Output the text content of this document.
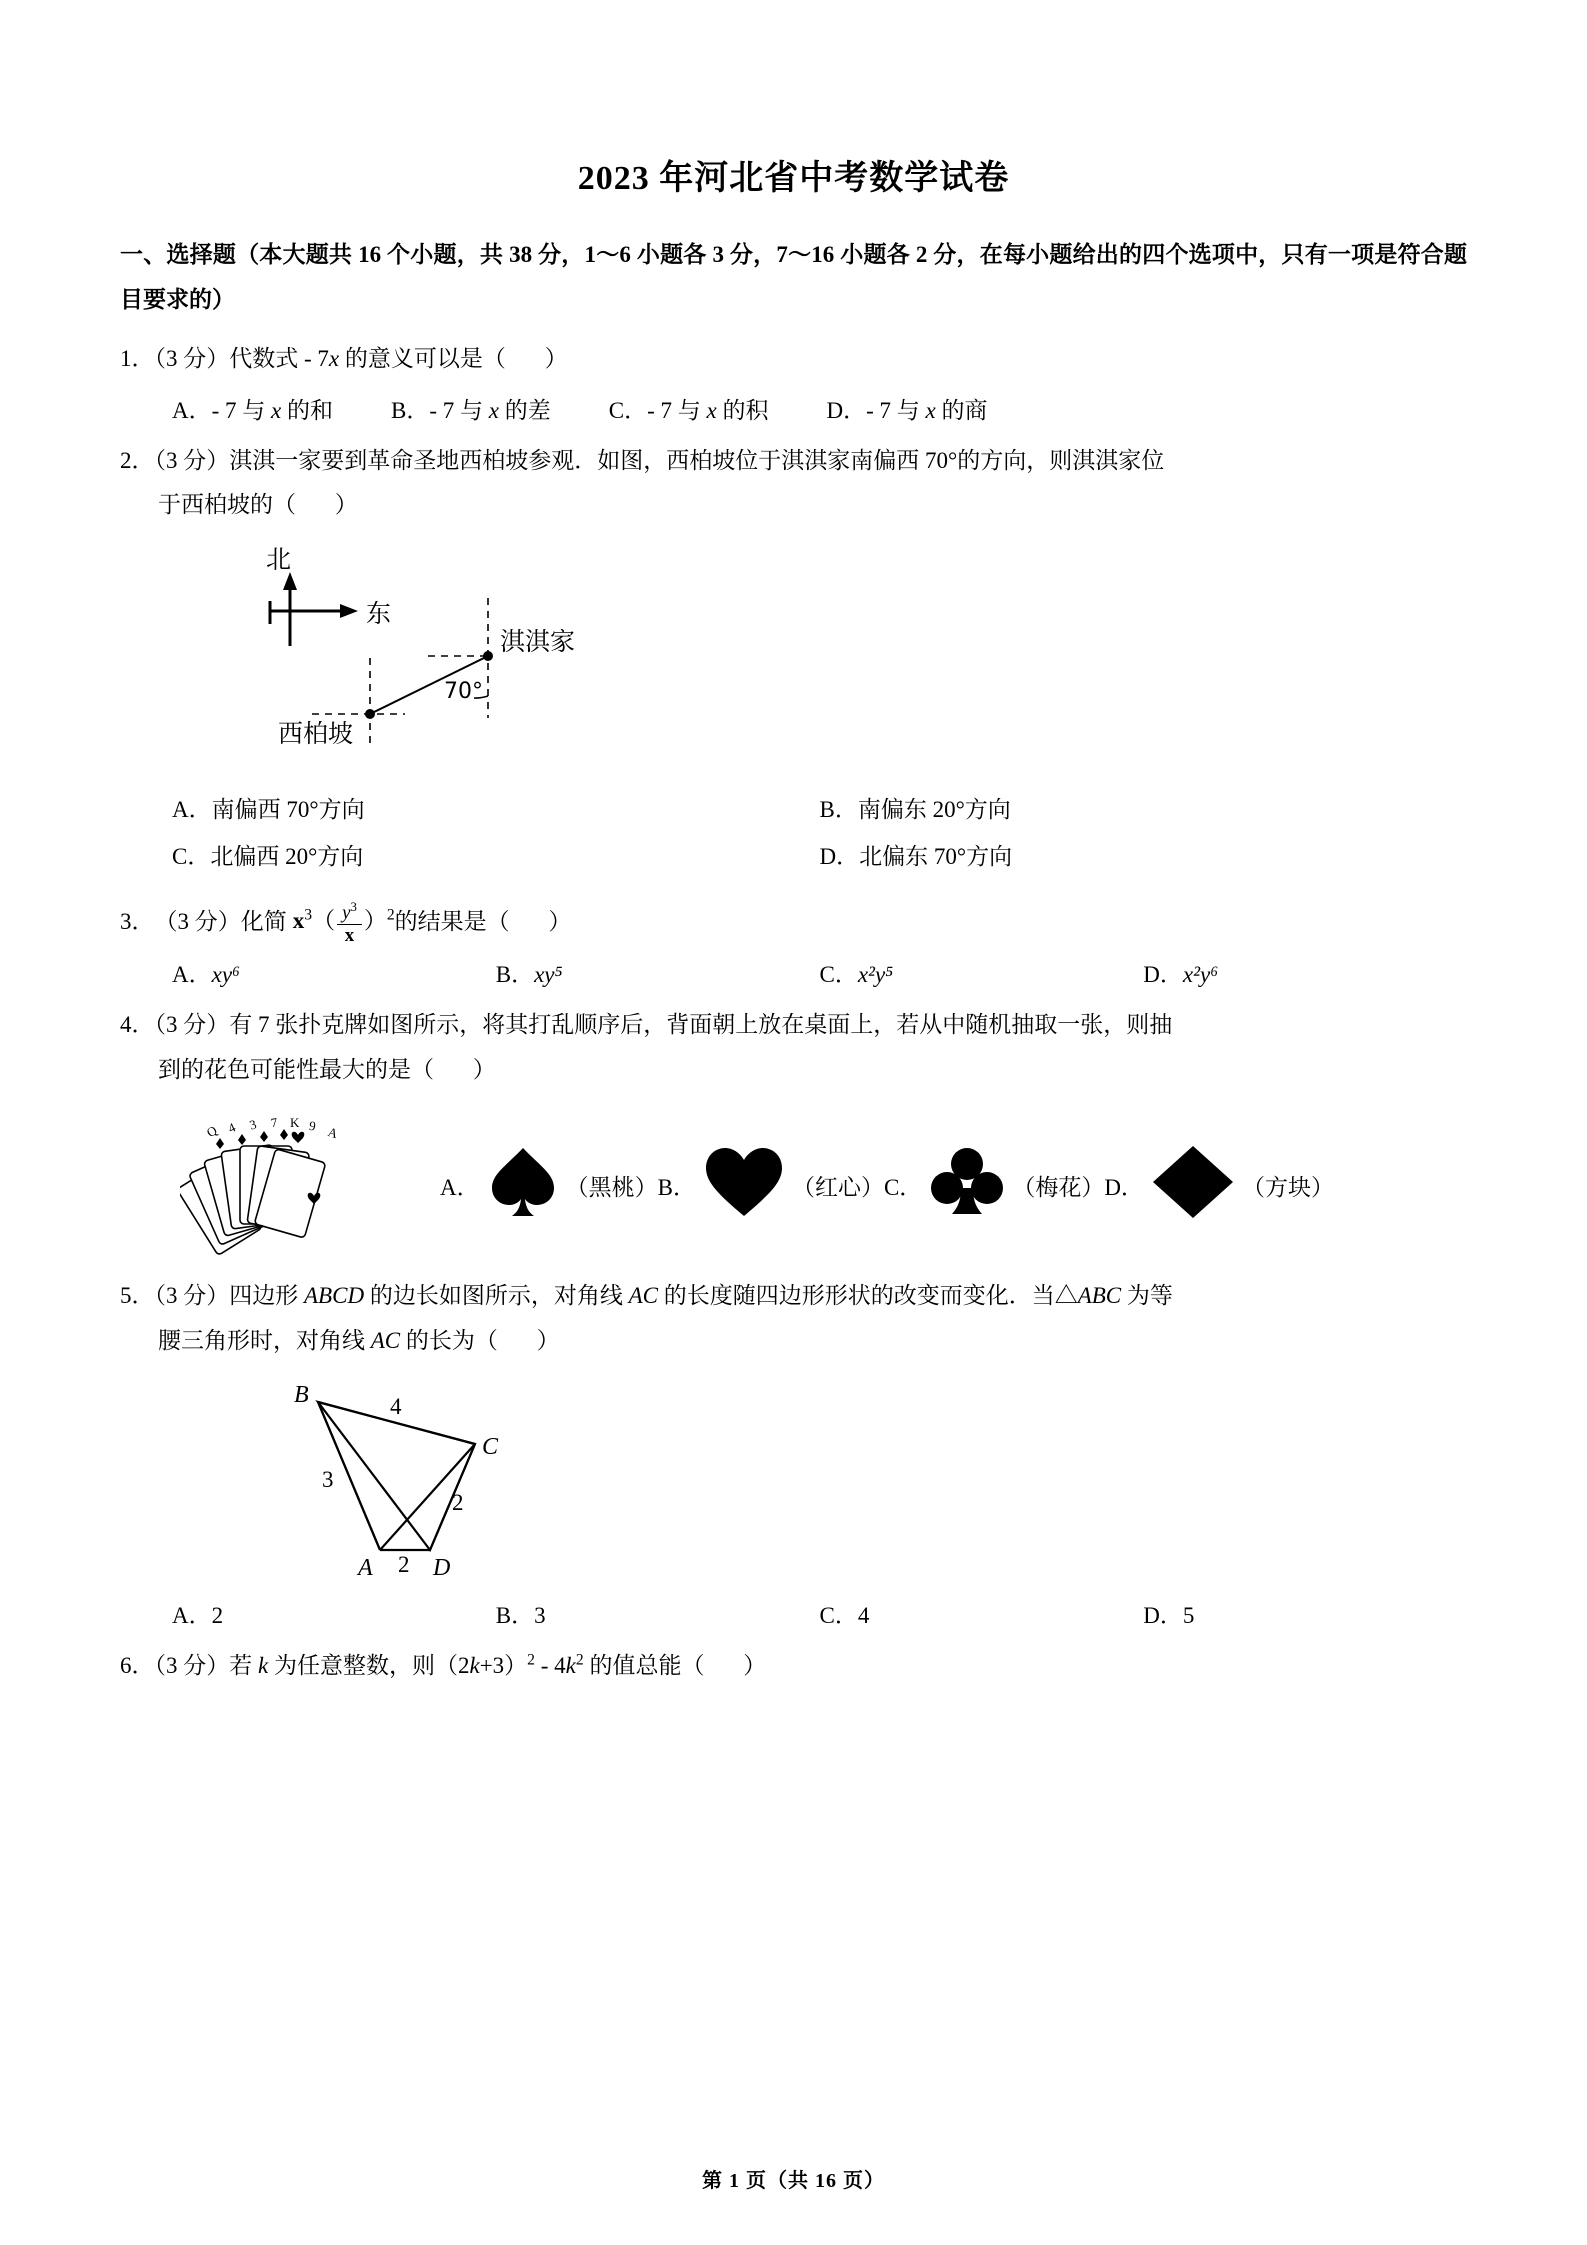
2023 年河北省中考数学试卷
一、选择题（本大题共 16 个小题，共 38 分，1～6 小题各 3 分，7～16 小题各 2 分，在每小题给出的四个选项中，只有一项是符合题目要求的）
1．（3 分）代数式 - 7x 的意义可以是（ ）
A．- 7 与 x 的和	B．- 7 与 x 的差	C．- 7 与 x 的积	D．- 7 与 x 的商
2．（3 分）淇淇一家要到革命圣地西柏坡参观．如图，西柏坡位于淇淇家南偏西 70°的方向，则淇淇家位
于西柏坡的（ ）
北
东
淇淇家
西柏坡
70°
A．南偏西 70°方向	B．南偏东 20°方向
C．北偏西 20°方向	D．北偏东 70°方向
3 ． （3 分） 化简 $x^3( \frac{y^3}{x} )^2$ 的结果是（
）
A．xy⁶	B．xy⁵	C．x²y⁵	D．x²y⁶
4．（3 分）有 7 张扑克牌如图所示，将其打乱顺序后，背面朝上放在桌面上，若从中随机抽取一张，则抽
到的花色可能性最大的是（ ）
Q 4 3 7 K 9 A
A．	（黑桃） B．	（红心） C．	（梅花） D．	（方块）
5．（3 分）四边形 ABCD 的边长如图所示，对角线 AC 的长度随四边形形状的改变而变化．当△ABC 为等
腰三角形时，对角线 AC 的长为（ ）
B
C
A	D
4
3
2
2
A．2	B．3	C．4	D．5
6．（3 分）若 k 为任意整数，则$(2k+3)^2 - 4k^2$ 的值总能（ ）
第 1 页（共 16 页）
